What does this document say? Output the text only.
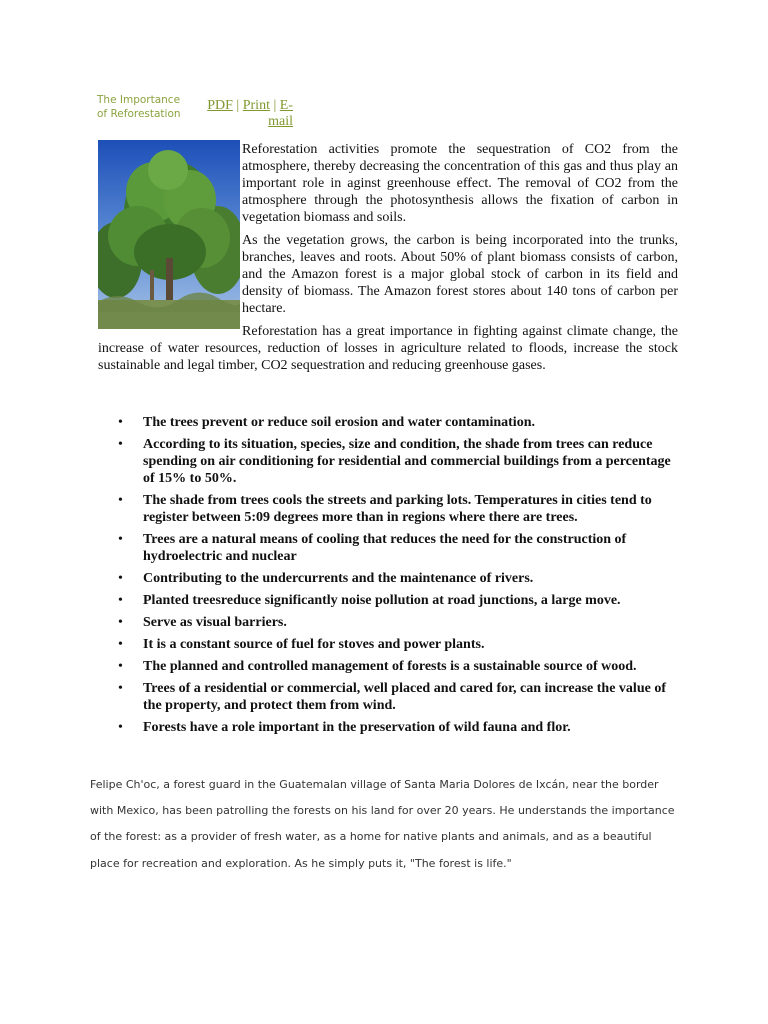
The Importance of Reforestation
PDF | Print | E-mail

Reforestation activities promote the sequestration of CO2 from the atmosphere, thereby decreasing the concentration of this gas and thus play an important role in aginst greenhouse effect. The removal of CO2 from the atmosphere through the photosynthesis allows the fixation of carbon in vegetation biomass and soils.

As the vegetation grows, the carbon is being incorporated into the trunks, branches, leaves and roots. About 50% of plant biomass consists of carbon, and the Amazon forest is a major global stock of carbon in its field and density of biomass. The Amazon forest stores about 140 tons of carbon per hectare.

Reforestation has a great importance in fighting against climate change, the increase of water resources, reduction of losses in agriculture related to floods, increase the stock sustainable and legal timber, CO2 sequestration and reducing greenhouse gases.

• The trees prevent or reduce soil erosion and water contamination.
• According to its situation, species, size and condition, the shade from trees can reduce spending on air conditioning for residential and commercial buildings from a percentage of 15% to 50%.
• The shade from trees cools the streets and parking lots. Temperatures in cities tend to register between 5:09 degrees more than in regions where there are trees.
• Trees are a natural means of cooling that reduces the need for the construction of hydroelectric and nuclear
• Contributing to the undercurrents and the maintenance of rivers.
• Planted treesreduce significantly noise pollution at road junctions, a large move.
• Serve as visual barriers.
• It is a constant source of fuel for stoves and power plants.
• The planned and controlled management of forests is a sustainable source of wood.
• Trees of a residential or commercial, well placed and cared for, can increase the value of the property, and protect them from wind.
• Forests have a role important in the preservation of wild fauna and flor.

Felipe Ch'oc, a forest guard in the Guatemalan village of Santa Maria Dolores de Ixcán, near the border with Mexico, has been patrolling the forests on his land for over 20 years. He understands the importance of the forest: as a provider of fresh water, as a home for native plants and animals, and as a beautiful place for recreation and exploration. As he simply puts it, "The forest is life."
